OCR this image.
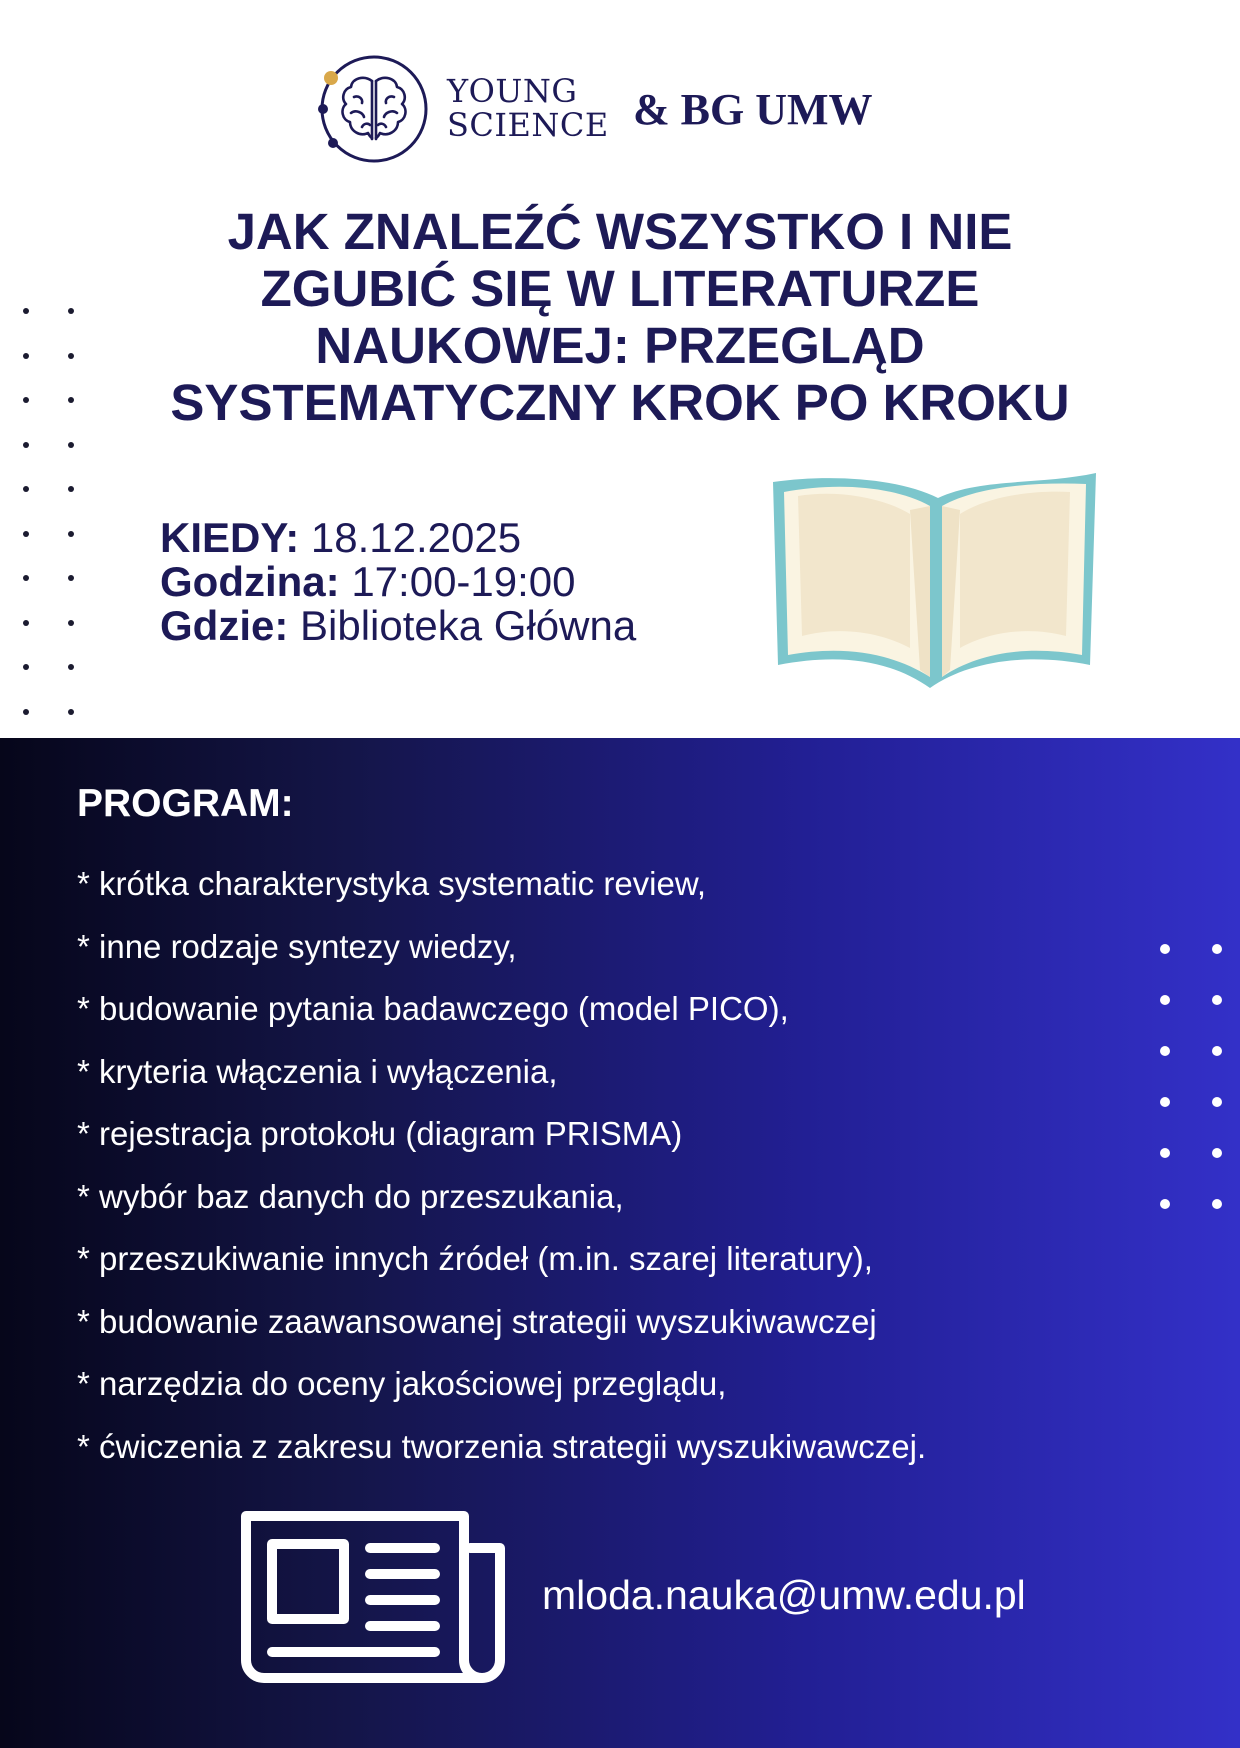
YOUNG
SCIENCE & BG UMW
JAK ZNALEŹĆ WSZYSTKO I NIE
ZGUBIĆ SIĘ W LITERATURZE
NAUKOWEJ: PRZEGLĄD
SYSTEMATYCZNY KROK PO KROKU
KIEDY: 18.12.2025
Godzina: 17:00-19:00
Gdzie: Biblioteka Główna
PROGRAM:
* krótka charakterystyka systematic review,
* inne rodzaje syntezy wiedzy,
* budowanie pytania badawczego (model PICO),
* kryteria włączenia i wyłączenia,
* rejestracja protokołu (diagram PRISMA)
* wybór baz danych do przeszukania,
* przeszukiwanie innych źródeł (m.in. szarej literatury),
* budowanie zaawansowanej strategii wyszukiwawczej
* narzędzia do oceny jakościowej przeglądu,
* ćwiczenia z zakresu tworzenia strategii wyszukiwawczej.
mloda.nauka@umw.edu.pl
